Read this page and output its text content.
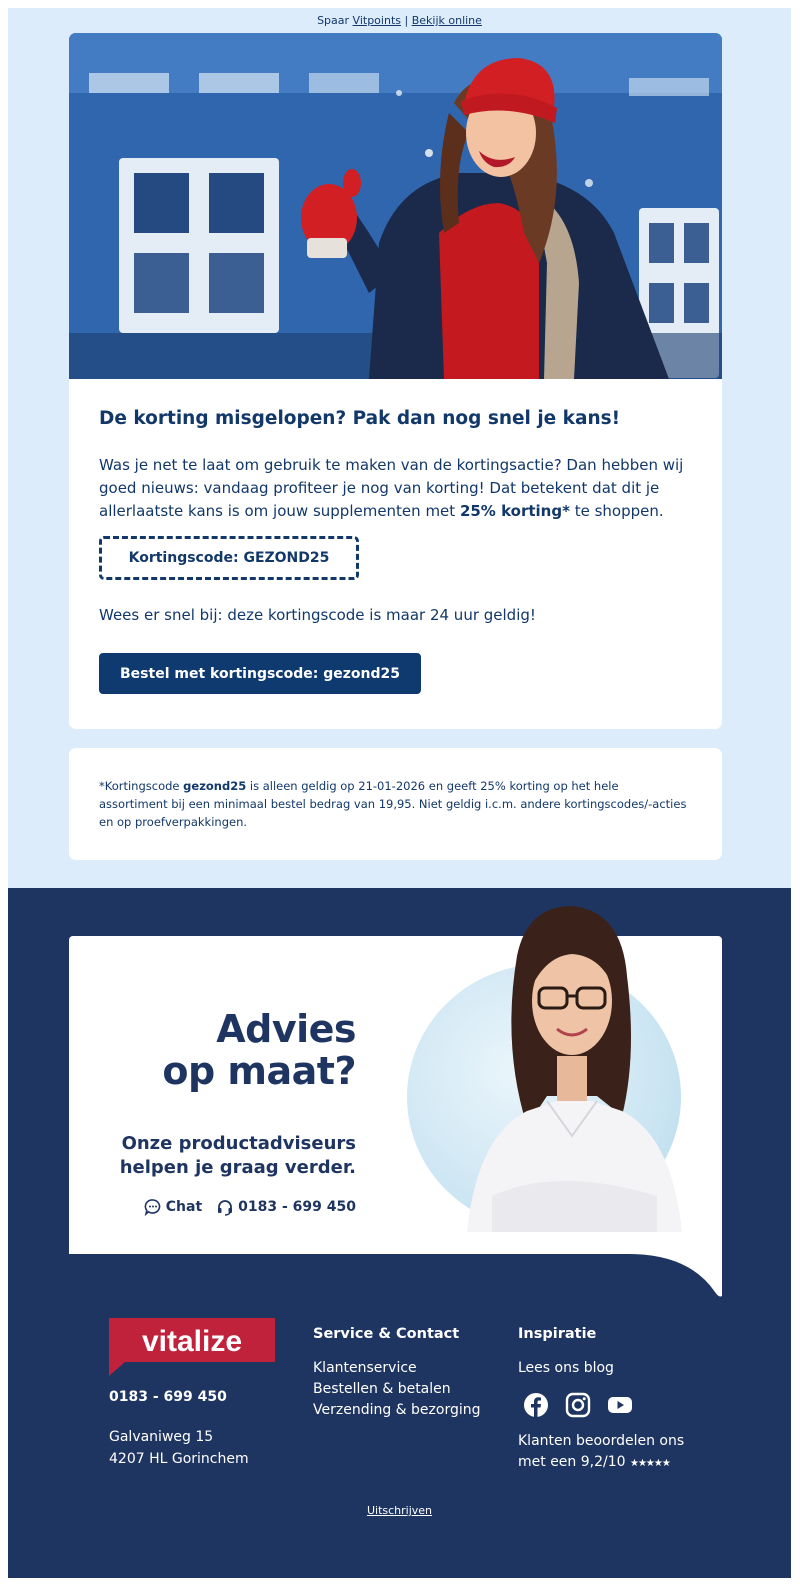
Spaar Vitpoints | Bekijk online
De korting misgelopen? Pak dan nog snel je kans!
Was je net te laat om gebruik te maken van de kortingsactie? Dan hebben wij goed nieuws: vandaag profiteer je nog van korting! Dat betekent dat dit je allerlaatste kans is om jouw supplementen met 25% korting* te shoppen.
Kortingscode: GEZOND25
Wees er snel bij: deze kortingscode is maar 24 uur geldig!
Bestel met kortingscode: gezond25
*Kortingscode gezond25 is alleen geldig op 21-01-2026 en geeft 25% korting op het hele assortiment bij een minimaal bestel bedrag van 19,95. Niet geldig i.c.m. andere kortingscodes/-acties en op proefverpakkingen.
Advies
op maat?
Onze productadviseurs
helpen je graag verder.
Chat	0183 - 699 450
vitalize
0183 - 699 450
Galvaniweg 15
4207 HL Gorinchem
Service & Contact
Klantenservice
Bestellen & betalen
Verzending & bezorging
Inspiratie
Lees ons blog
Klanten beoordelen ons
met een 9,2/10 ★★★★★
Uitschrijven
